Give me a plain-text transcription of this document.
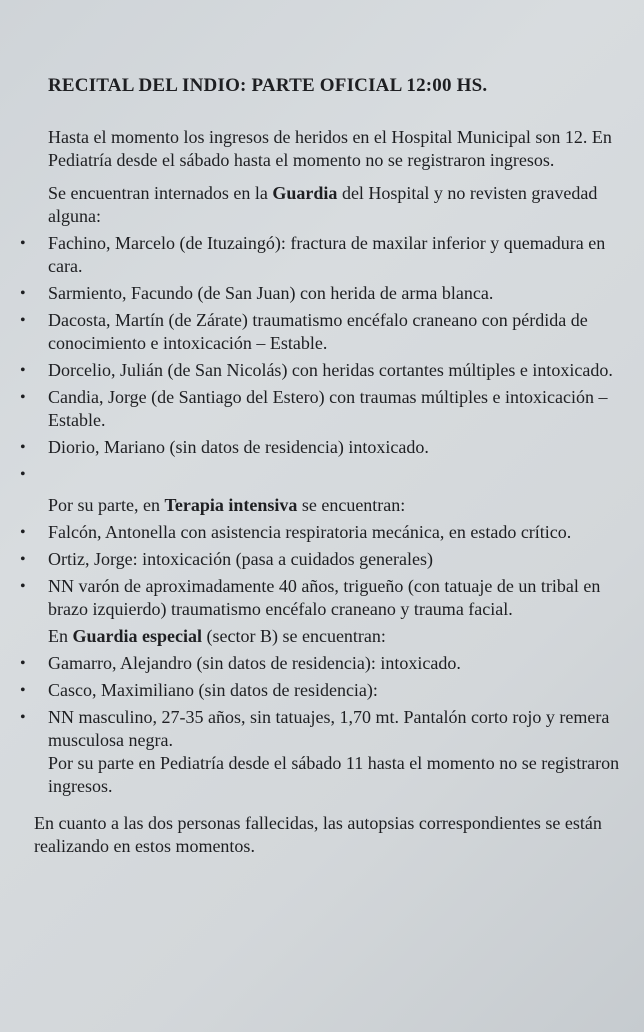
RECITAL DEL INDIO: PARTE OFICIAL 12:00 HS.
Hasta el momento los ingresos de heridos en el Hospital Municipal son 12. En Pediatría desde el sábado hasta el momento no se registraron ingresos.
Se encuentran internados en la Guardia del Hospital y no revisten gravedad alguna:
• Fachino, Marcelo (de Ituzaingó): fractura de maxilar inferior y quemadura en cara.
• Sarmiento, Facundo (de San Juan) con herida de arma blanca.
• Dacosta, Martín (de Zárate) traumatismo encéfalo craneano con pérdida de conocimiento e intoxicación – Estable.
• Dorcelio, Julián (de San Nicolás) con heridas cortantes múltiples e intoxicado.
• Candia, Jorge (de Santiago del Estero) con traumas múltiples e intoxicación – Estable.
• Diorio, Mariano (sin datos de residencia) intoxicado.
•
Por su parte, en Terapia intensiva se encuentran:
• Falcón, Antonella con asistencia respiratoria mecánica, en estado crítico.
• Ortiz, Jorge: intoxicación (pasa a cuidados generales)
• NN varón de aproximadamente 40 años, trigueño (con tatuaje de un tribal en brazo izquierdo) traumatismo encéfalo craneano y trauma facial.
En Guardia especial (sector B) se encuentran:
• Gamarro, Alejandro (sin datos de residencia): intoxicado.
• Casco, Maximiliano (sin datos de residencia):
• NN masculino, 27-35 años, sin tatuajes, 1,70 mt. Pantalón corto rojo y remera musculosa negra.
Por su parte en Pediatría desde el sábado 11 hasta el momento no se registraron ingresos.
En cuanto a las dos personas fallecidas, las autopsias correspondientes se están realizando en estos momentos.
